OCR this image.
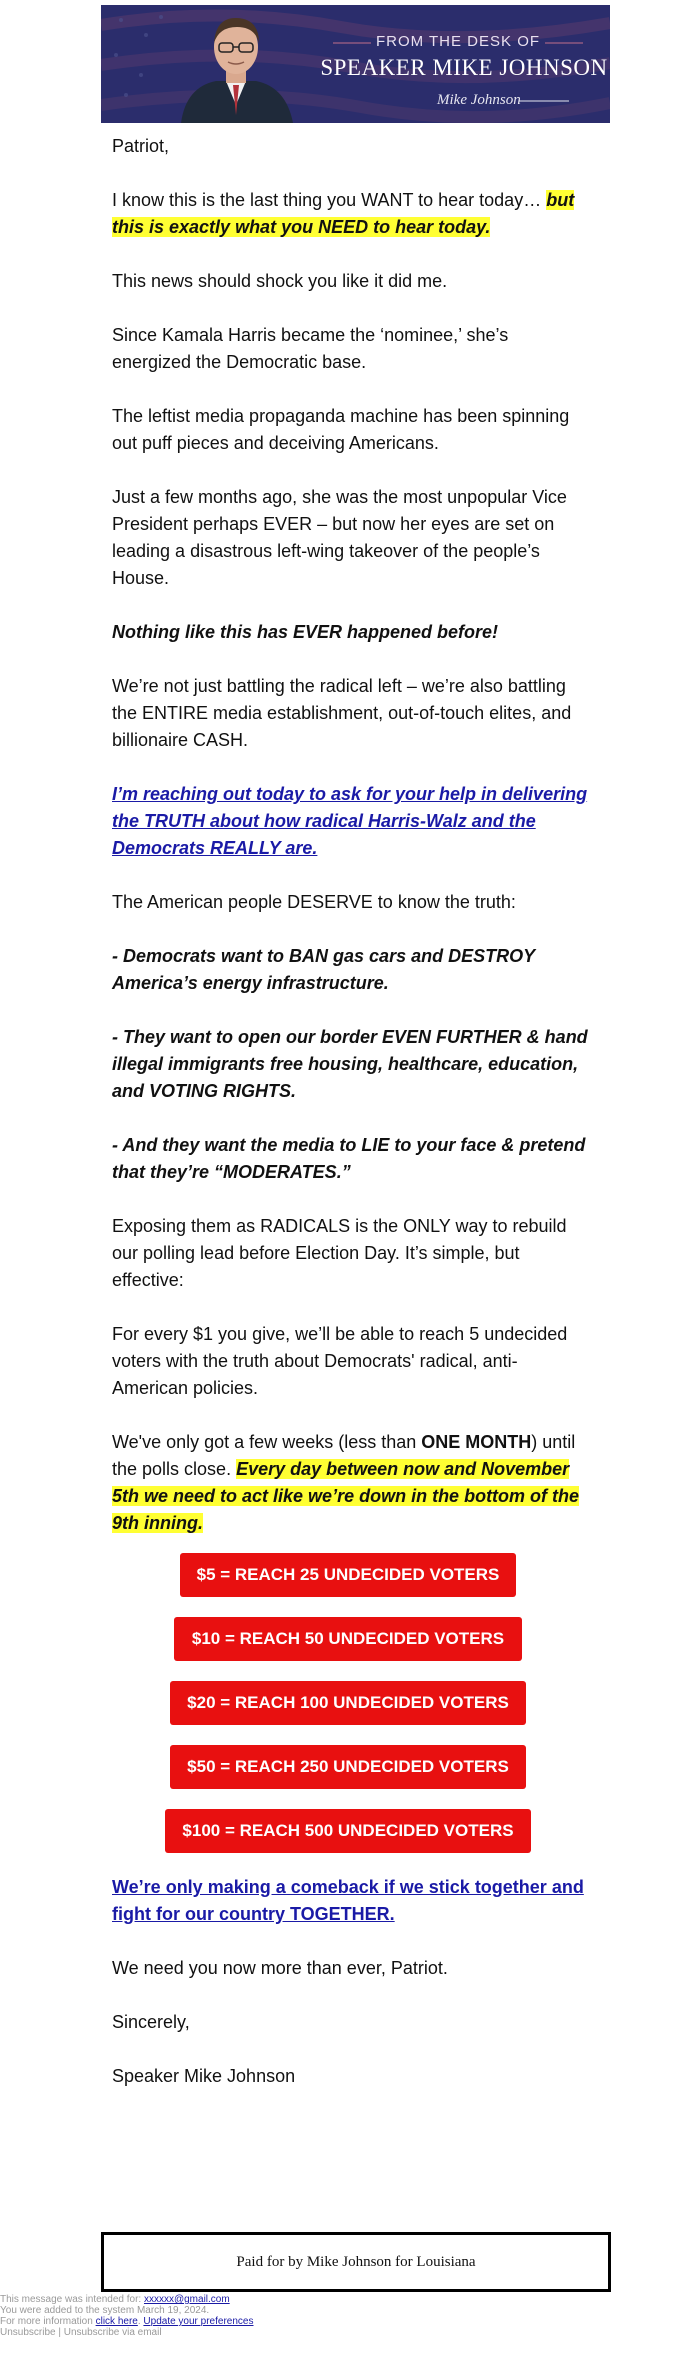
FROM THE DESK OF
SPEAKER MIKE JOHNSON
Mike Johnson

Patriot,

I know this is the last thing you WANT to hear today… but this is exactly what you NEED to hear today.

This news should shock you like it did me.

Since Kamala Harris became the ‘nominee,’ she’s energized the Democratic base.

The leftist media propaganda machine has been spinning out puff pieces and deceiving Americans.

Just a few months ago, she was the most unpopular Vice President perhaps EVER – but now her eyes are set on leading a disastrous left-wing takeover of the people’s House.

Nothing like this has EVER happened before!

We’re not just battling the radical left – we’re also battling the ENTIRE media establishment, out-of-touch elites, and billionaire CASH.

I’m reaching out today to ask for your help in delivering the TRUTH about how radical Harris-Walz and the Democrats REALLY are.

The American people DESERVE to know the truth:

- Democrats want to BAN gas cars and DESTROY America’s energy infrastructure.

- They want to open our border EVEN FURTHER & hand illegal immigrants free housing, healthcare, education, and VOTING RIGHTS.

- And they want the media to LIE to your face & pretend that they’re “MODERATES.”

Exposing them as RADICALS is the ONLY way to rebuild our polling lead before Election Day. It’s simple, but effective:

For every $1 you give, we’ll be able to reach 5 undecided voters with the truth about Democrats' radical, anti-American policies.

We've only got a few weeks (less than ONE MONTH) until the polls close. Every day between now and November 5th we need to act like we’re down in the bottom of the 9th inning.

$5 = REACH 25 UNDECIDED VOTERS
$10 = REACH 50 UNDECIDED VOTERS
$20 = REACH 100 UNDECIDED VOTERS
$50 = REACH 250 UNDECIDED VOTERS
$100 = REACH 500 UNDECIDED VOTERS

We’re only making a comeback if we stick together and fight for our country TOGETHER.

We need you now more than ever, Patriot.

Sincerely,

Speaker Mike Johnson

Paid for by Mike Johnson for Louisiana
This message was intended for: xxxxxx@gmail.com
You were added to the system March 19, 2024.
For more information click here. Update your preferences
Unsubscribe | Unsubscribe via email
